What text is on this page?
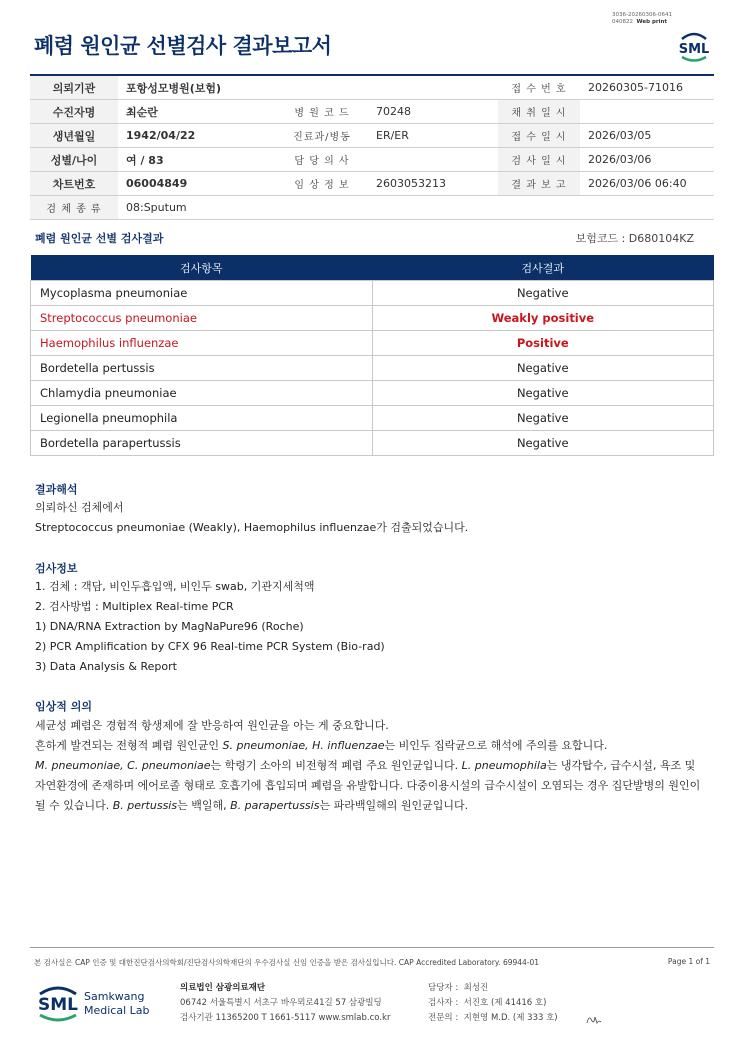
3036-20260306-0641
040822 Web print
폐렴 원인균 선별검사 결과보고서	SML
의뢰기관	포항성모병원(보험)			접 수 번 호	20260305-71016
수진자명	최순란	병 원 코 드	70248	채 취 일 시	
생년월일	1942/04/22	진료과/병동	ER/ER	접 수 일 시	2026/03/05
성별/나이	여 / 83	담 당 의 사		검 사 일 시	2026/03/06
차트번호	06004849	임 상 정 보	2603053213	결 과 보 고	2026/03/06 06:40
검 체 종 류	08:Sputum				
폐렴 원인균 선별 검사결과	보험코드 : D680104KZ
검사항목	검사결과
Mycoplasma pneumoniae	Negative
Streptococcus pneumoniae	Weakly positive
Haemophilus influenzae	Positive
Bordetella pertussis	Negative
Chlamydia pneumoniae	Negative
Legionella pneumophila	Negative
Bordetella parapertussis	Negative
결과해석
의뢰하신 검체에서
Streptococcus pneumoniae (Weakly), Haemophilus influenzae가 검출되었습니다.
검사정보
1. 검체 : 객담, 비인두흡입액, 비인두 swab, 기관지세척액
2. 검사방법 : Multiplex Real-time PCR
1) DNA/RNA Extraction by MagNaPure96 (Roche)
2) PCR Amplification by CFX 96 Real-time PCR System (Bio-rad)
3) Data Analysis & Report
임상적 의의
세균성 폐렴은 경험적 항생제에 잘 반응하여 원인균을 아는 게 중요합니다.
흔하게 발견되는 전형적 폐렴 원인균인 S. pneumoniae, H. influenzae는 비인두 집락균으로 해석에 주의를 요합니다.
M. pneumoniae, C. pneumoniae는 학령기 소아의 비전형적 폐렴 주요 원인균입니다. L. pneumophila는 냉각탑수, 급수시설, 욕조 및
자연환경에 존재하며 에어로졸 형태로 호흡기에 흡입되며 폐렴을 유발합니다. 다중이용시설의 급수시설이 오염되는 경우 집단발병의 원인이
될 수 있습니다. B. pertussis는 백일해, B. parapertussis는 파라백일해의 원인균입니다.
본 검사실은 CAP 인증 및 대한진단검사의학회/진단검사의학재단의 우수검사실 신임 인증을 받은 검사실입니다. CAP Accredited Laboratory. 69944-01	Page 1 of 1
SML Samkwang
Medical Lab
의료법인 삼광의료재단
06742 서울특별시 서초구 바우뫼로41길 57 삼광빌딩
검사기관 11365200 T 1661-5117 www.smlab.co.kr
담당자 : 최성진
검사자 : 서진호 (제 41416 호)
전문의 : 지현영 M.D. (제 333 호)
